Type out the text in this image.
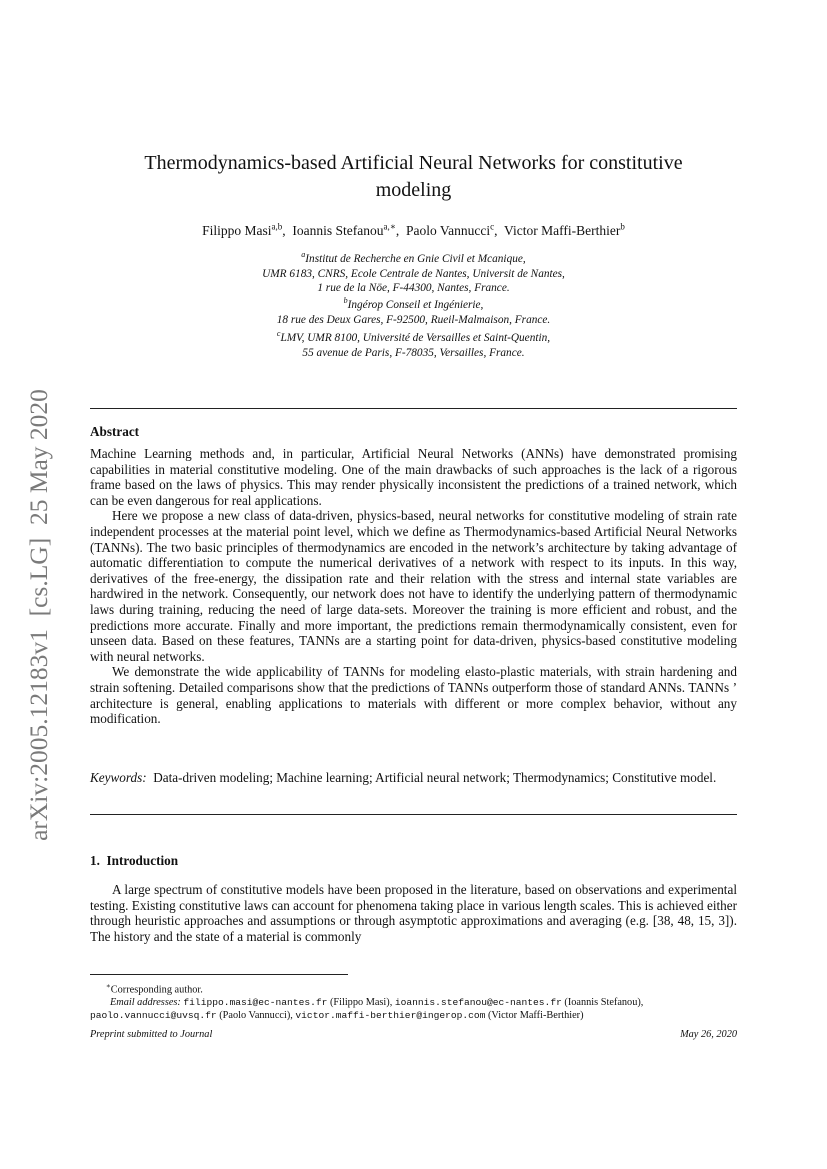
arXiv:2005.12183v1  [cs.LG]  25 May 2020
Thermodynamics-based Artificial Neural Networks for constitutive
modeling
Filippo Masi$^{a,b}$,  Ioannis Stefanou$^{a,∗}$,  Paolo Vannucci$^c$,  Victor Maffi-Berthier$^b$
$^a$Institut de Recherche en Gnie Civil et Mcanique,
UMR 6183, CNRS, Ecole Centrale de Nantes, Universit de Nantes,
1 rue de la Nöe, F-44300, Nantes, France.
$^b$Ingérop Conseil et Ingénierie,
18 rue des Deux Gares, F-92500, Rueil-Malmaison, France.
$^c$LMV, UMR 8100, Université de Versailles et Saint-Quentin,
55 avenue de Paris, F-78035, Versailles, France.
Abstract

Machine Learning methods and, in particular, Artificial Neural Networks (ANNs) have demonstrated promising capabilities in material constitutive modeling. One of the main drawbacks of such approaches is the lack of a rigorous frame based on the laws of physics. This may render physically inconsistent the predictions of a trained network, which can be even dangerous for real applications.

Here we propose a new class of data-driven, physics-based, neural networks for constitutive modeling of strain rate independent processes at the material point level, which we define as Thermodynamics-based Artificial Neural Networks (TANNs). The two basic principles of thermodynamics are encoded in the network’s architecture by taking advantage of automatic differentiation to compute the numerical derivatives of a network with respect to its inputs. In this way, derivatives of the free-energy, the dissipation rate and their relation with the stress and internal state variables are hardwired in the network. Consequently, our network does not have to identify the underlying pattern of thermodynamic laws during training, reducing the need of large data-sets. Moreover the training is more efficient and robust, and the predictions more accurate. Finally and more important, the predictions remain thermodynamically consistent, even for unseen data. Based on these features, TANNs are a starting point for data-driven, physics-based constitutive modeling with neural networks.

We demonstrate the wide applicability of TANNs for modeling elasto-plastic materials, with strain hardening and strain softening. Detailed comparisons show that the predictions of TANNs outperform those of standard ANNs. TANNs ’ architecture is general, enabling applications to materials with different or more complex behavior, without any modification.

Keywords: Data-driven modeling; Machine learning; Artificial neural network; Thermodynamics; Constitutive model.
1.  Introduction

A large spectrum of constitutive models have been proposed in the literature, based on observations and experimental testing. Existing constitutive laws can account for phenomena taking place in various length scales. This is achieved either through heuristic approaches and assumptions or through asymptotic approximations and averaging (e.g. [38, 48, 15, 3]). The history and the state of a material is commonly

∗Corresponding author.

Email addresses: filippo.masi@ec-nantes.fr (Filippo Masi), ioannis.stefanou@ec-nantes.fr (Ioannis Stefanou), paolo.vannucci@uvsq.fr (Paolo Vannucci), victor.maffi-berthier@ingerop.com (Victor Maffi-Berthier)

Preprint submitted to Journal	May 26, 2020
